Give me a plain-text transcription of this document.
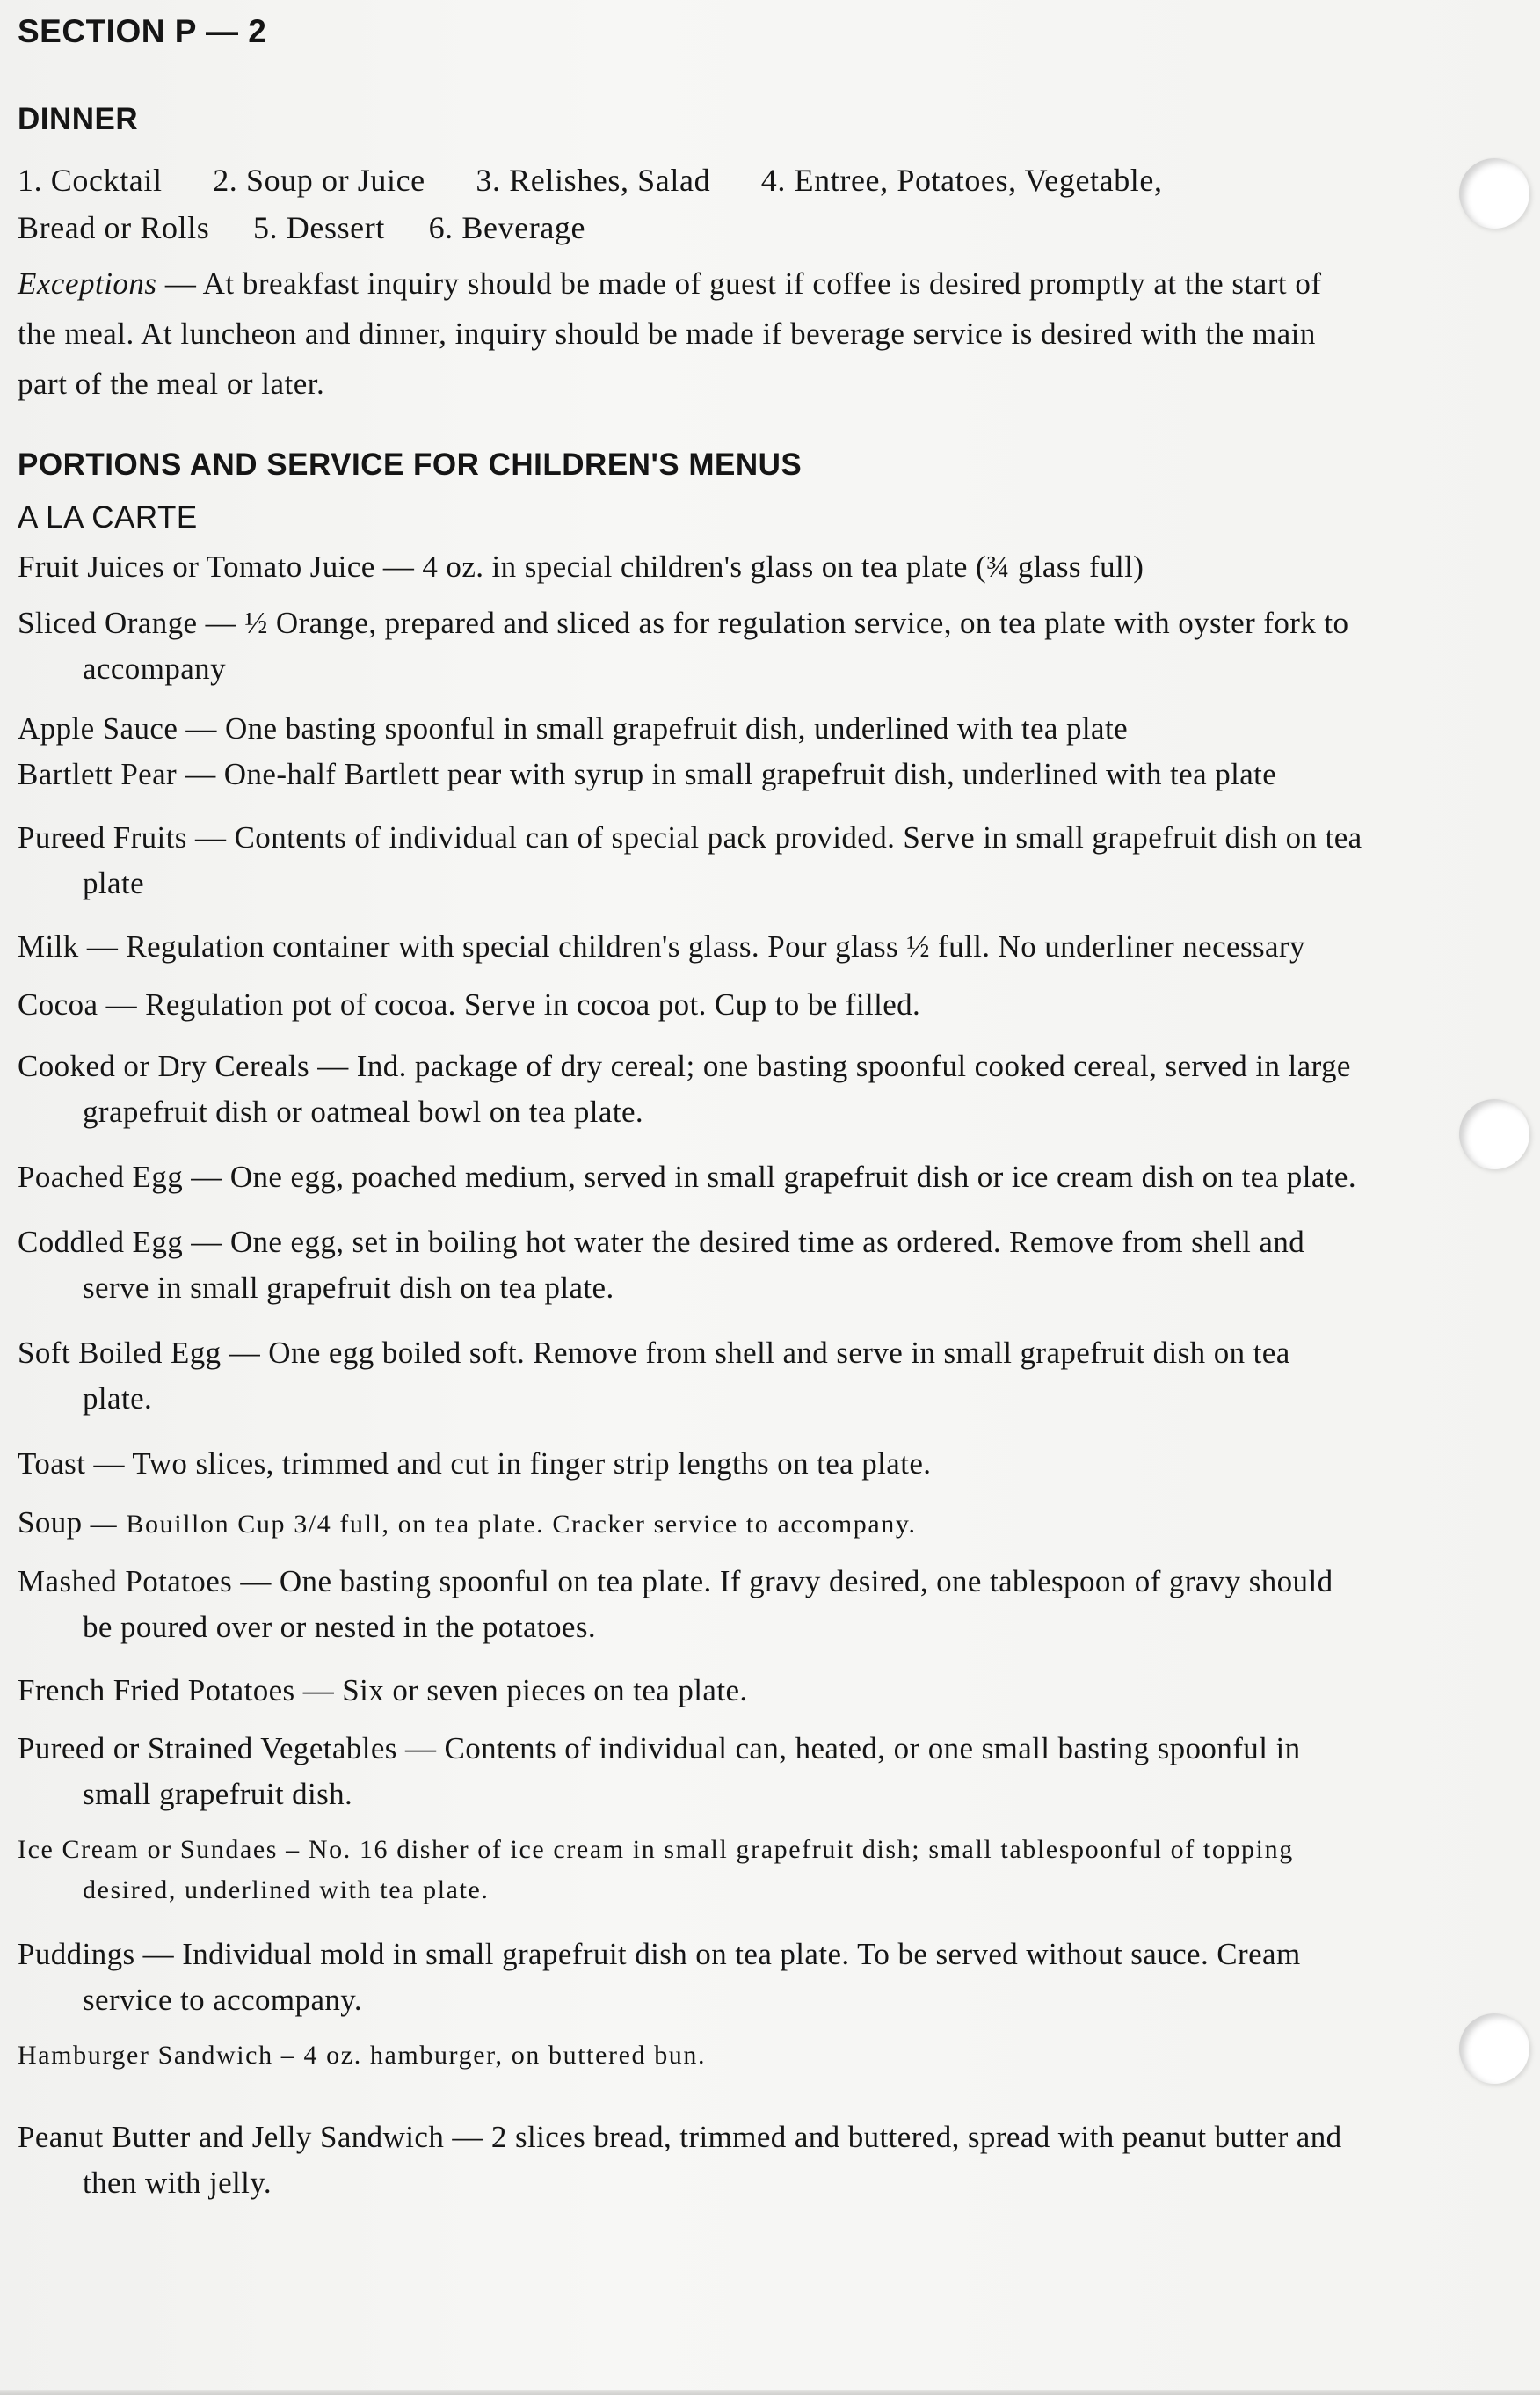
SECTION P — 2
DINNER
1. Cocktail 2. Soup or Juice 3. Relishes, Salad 4. Entree, Potatoes, Vegetable,
Bread or Rolls 5. Dessert 6. Beverage
Exceptions — At breakfast inquiry should be made of guest if coffee is desired promptly at the start of the meal. At luncheon and dinner, inquiry should be made if beverage service is desired with the main part of the meal or later.
PORTIONS AND SERVICE FOR CHILDREN'S MENUS
A LA CARTE

Fruit Juices or Tomato Juice — 4 oz. in special children's glass on tea plate (¾ glass full)

Sliced Orange — ½ Orange, prepared and sliced as for regulation service, on tea plate with oyster fork to accompany

Apple Sauce — One basting spoonful in small grapefruit dish, underlined with tea plate

Bartlett Pear — One-half Bartlett pear with syrup in small grapefruit dish, underlined with tea plate

Pureed Fruits — Contents of individual can of special pack provided. Serve in small grapefruit dish on tea plate

Milk — Regulation container with special children's glass. Pour glass ½ full. No underliner necessary

Cocoa — Regulation pot of cocoa. Serve in cocoa pot. Cup to be filled.

Cooked or Dry Cereals — Ind. package of dry cereal; one basting spoonful cooked cereal, served in large grapefruit dish or oatmeal bowl on tea plate.

Poached Egg — One egg, poached medium, served in small grapefruit dish or ice cream dish on tea plate.

Coddled Egg — One egg, set in boiling hot water the desired time as ordered. Remove from shell and serve in small grapefruit dish on tea plate.

Soft Boiled Egg — One egg boiled soft. Remove from shell and serve in small grapefruit dish on tea plate.

Toast — Two slices, trimmed and cut in finger strip lengths on tea plate.

Soup — Bouillon Cup 3/4 full, on tea plate. Cracker service to accompany.

Mashed Potatoes — One basting spoonful on tea plate. If gravy desired, one tablespoon of gravy should be poured over or nested in the potatoes.

French Fried Potatoes — Six or seven pieces on tea plate.

Pureed or Strained Vegetables — Contents of individual can, heated, or one small basting spoonful in small grapefruit dish.

Ice Cream or Sundaes – No. 16 disher of ice cream in small grapefruit dish; small tablespoonful of topping desired, underlined with tea plate.

Puddings — Individual mold in small grapefruit dish on tea plate. To be served without sauce. Cream service to accompany.

Hamburger Sandwich – 4 oz. hamburger, on buttered bun.

Peanut Butter and Jelly Sandwich — 2 slices bread, trimmed and buttered, spread with peanut butter and then with jelly.
